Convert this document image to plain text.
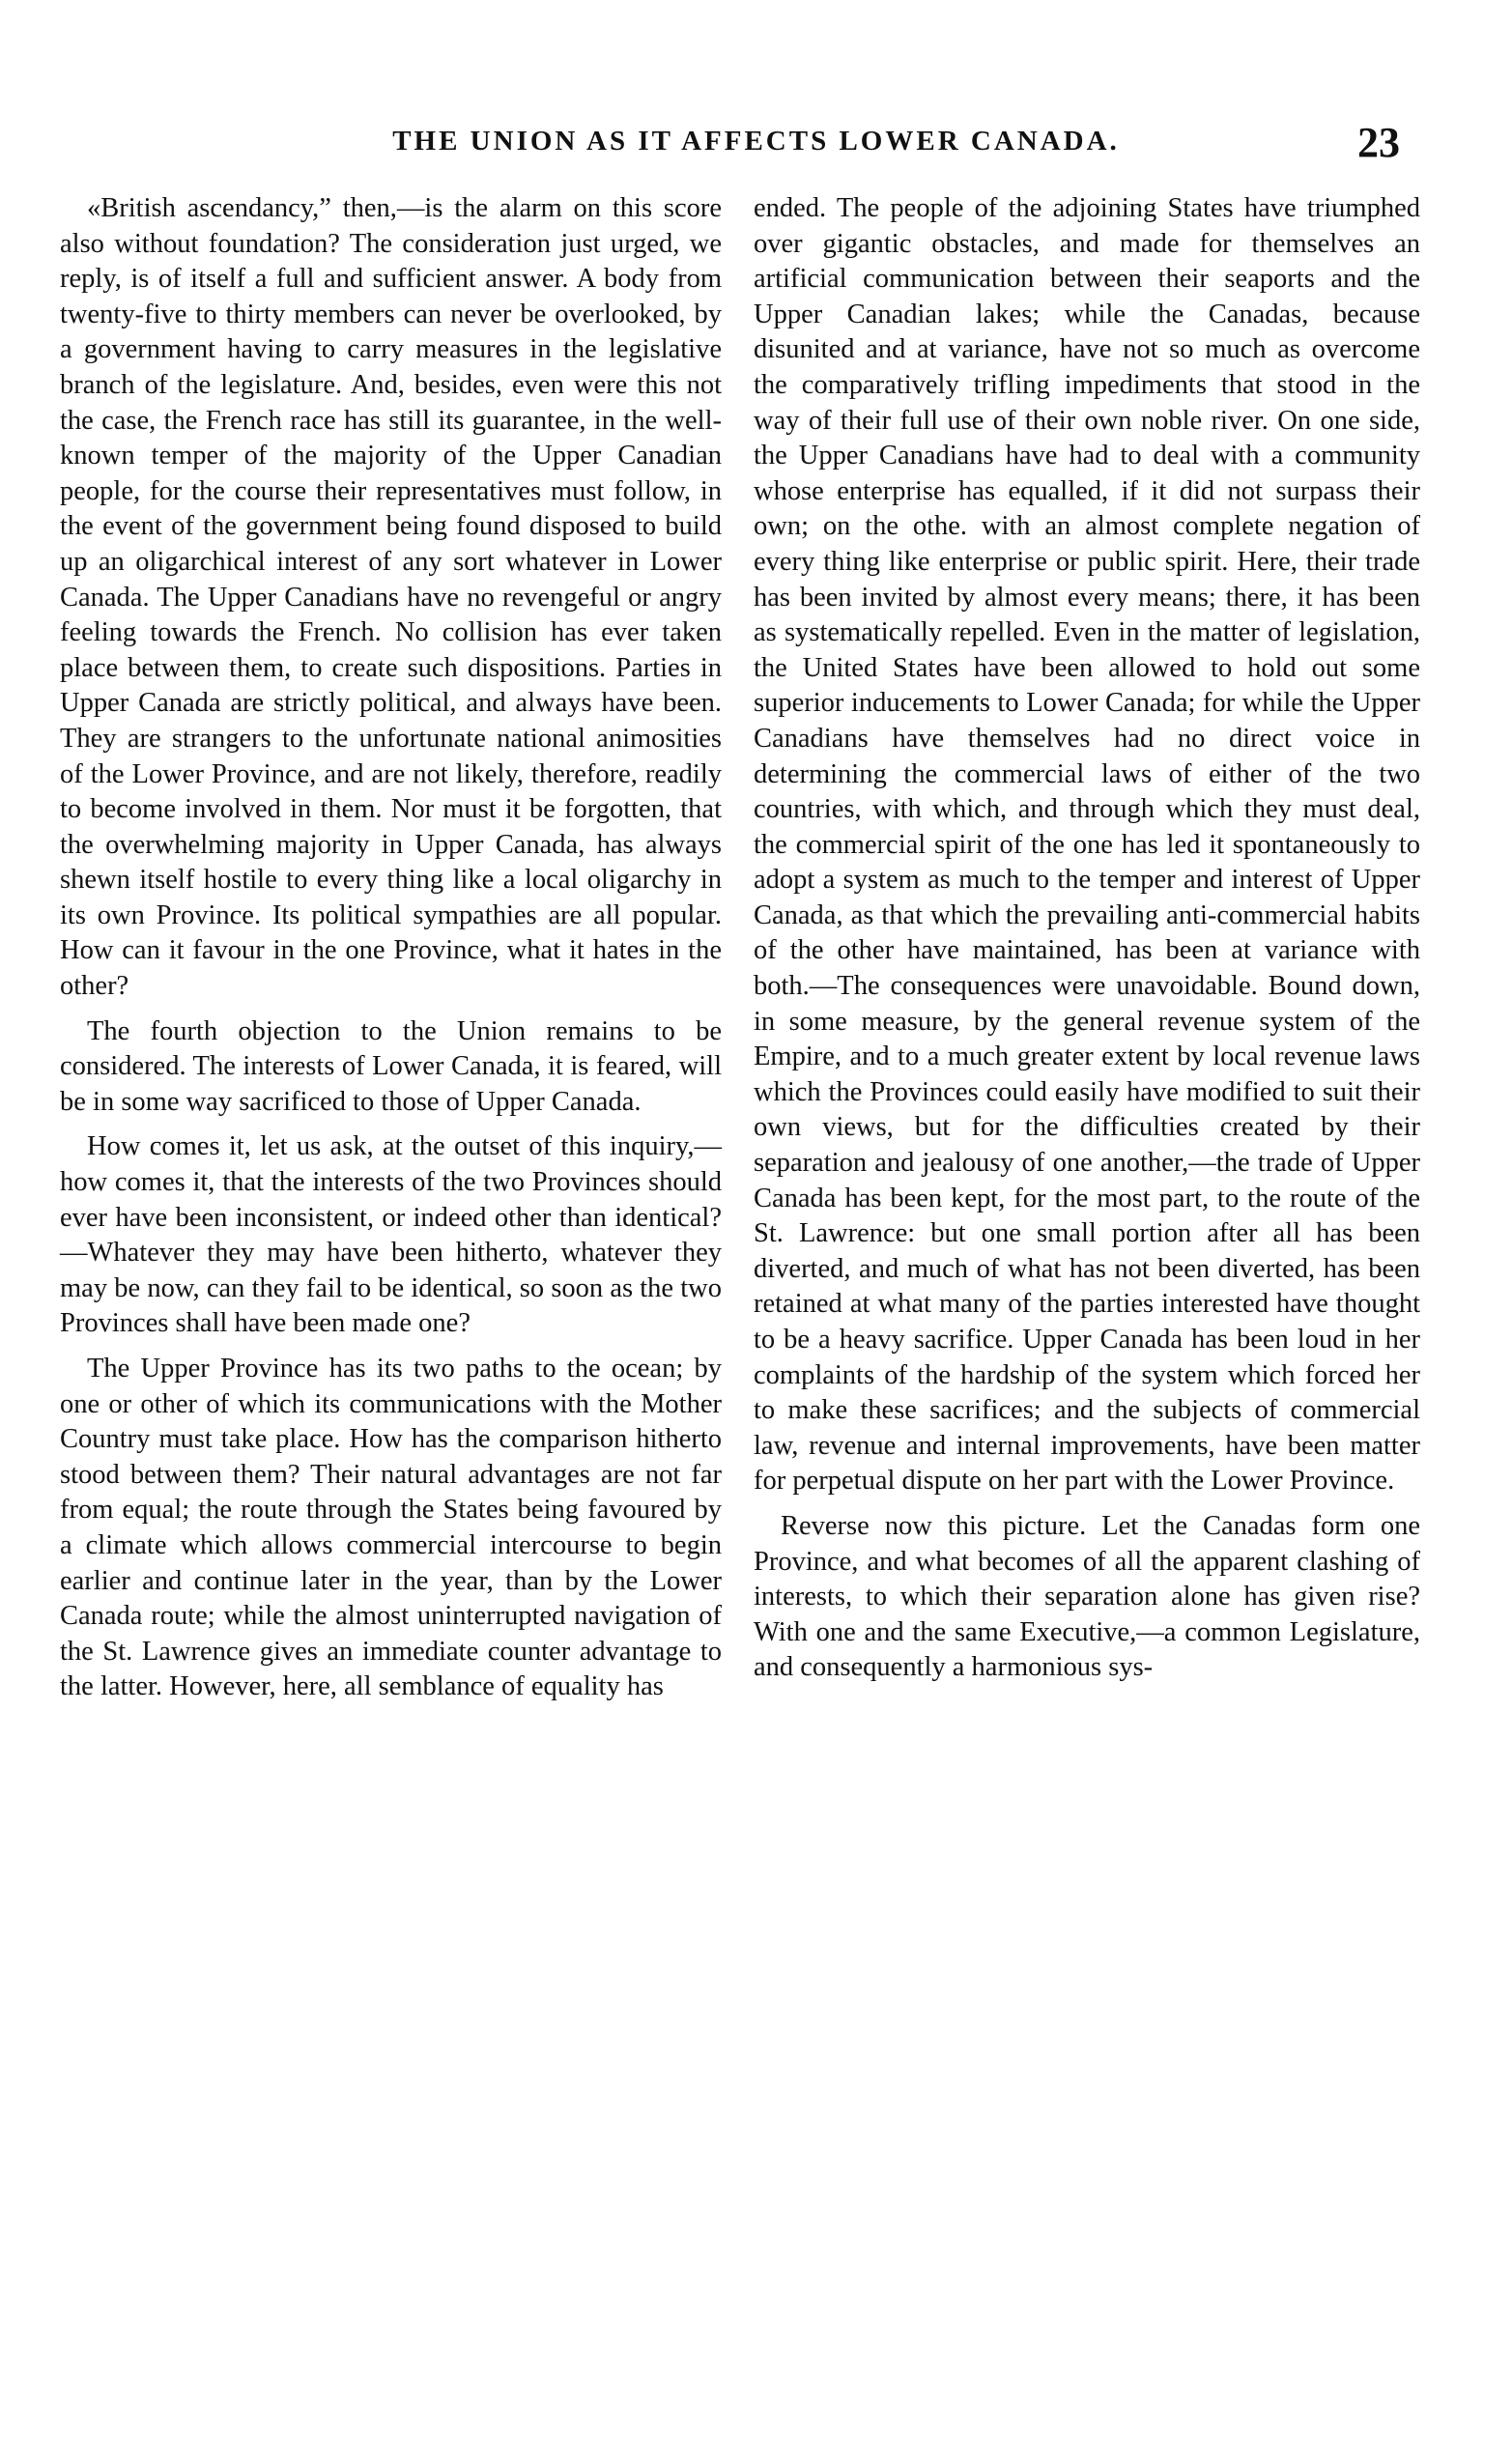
THE UNION AS IT AFFECTS LOWER CANADA.	23

«British ascendancy,” then,—is the alarm on this score also without foundation? The consideration just urged, we reply, is of itself a full and sufficient answer. A body from twenty-five to thirty members can never be overlooked, by a government having to carry measures in the legislative branch of the legislature. And, besides, even were this not the case, the French race has still its guarantee, in the well-known temper of the majority of the Upper Canadian people, for the course their representatives must follow, in the event of the government being found disposed to build up an oligarchical interest of any sort whatever in Lower Canada. The Upper Canadians have no revengeful or angry feeling towards the French. No collision has ever taken place between them, to create such dispositions. Parties in Upper Canada are strictly political, and always have been. They are strangers to the unfortunate national animosities of the Lower Province, and are not likely, therefore, readily to become involved in them. Nor must it be forgotten, that the overwhelming majority in Upper Canada, has always shewn itself hostile to every thing like a local oligarchy in its own Province. Its political sympathies are all popular. How can it favour in the one Province, what it hates in the other?

The fourth objection to the Union remains to be considered. The interests of Lower Canada, it is feared, will be in some way sacrificed to those of Upper Canada.

How comes it, let us ask, at the outset of this inquiry,—how comes it, that the interests of the two Provinces should ever have been inconsistent, or indeed other than identical?—Whatever they may have been hitherto, whatever they may be now, can they fail to be identical, so soon as the two Provinces shall have been made one?

The Upper Province has its two paths to the ocean; by one or other of which its communications with the Mother Country must take place. How has the comparison hitherto stood between them? Their natural advantages are not far from equal; the route through the States being favoured by a climate which allows commercial intercourse to begin earlier and continue later in the year, than by the Lower Canada route; while the almost uninterrupted navigation of the St. Lawrence gives an immediate counter advantage to the latter. However, here, all semblance of equality has

ended. The people of the adjoining States have triumphed over gigantic obstacles, and made for themselves an artificial communication between their seaports and the Upper Canadian lakes; while the Canadas, because disunited and at variance, have not so much as overcome the comparatively trifling impediments that stood in the way of their full use of their own noble river. On one side, the Upper Canadians have had to deal with a community whose enterprise has equalled, if it did not surpass their own; on the othe. with an almost complete negation of every thing like enterprise or public spirit. Here, their trade has been invited by almost every means; there, it has been as systematically repelled. Even in the matter of legislation, the United States have been allowed to hold out some superior inducements to Lower Canada; for while the Upper Canadians have themselves had no direct voice in determining the commercial laws of either of the two countries, with which, and through which they must deal, the commercial spirit of the one has led it spontaneously to adopt a system as much to the temper and interest of Upper Canada, as that which the prevailing anti-commercial habits of the other have maintained, has been at variance with both.—The consequences were unavoidable. Bound down, in some measure, by the general revenue system of the Empire, and to a much greater extent by local revenue laws which the Provinces could easily have modified to suit their own views, but for the difficulties created by their separation and jealousy of one another,—the trade of Upper Canada has been kept, for the most part, to the route of the St. Lawrence: but one small portion after all has been diverted, and much of what has not been diverted, has been retained at what many of the parties interested have thought to be a heavy sacrifice. Upper Canada has been loud in her complaints of the hardship of the system which forced her to make these sacrifices; and the subjects of commercial law, revenue and internal improvements, have been matter for perpetual dispute on her part with the Lower Province.

Reverse now this picture. Let the Canadas form one Province, and what becomes of all the apparent clashing of interests, to which their separation alone has given rise? With one and the same Executive,—a common Legislature, and consequently a harmonious sys-
